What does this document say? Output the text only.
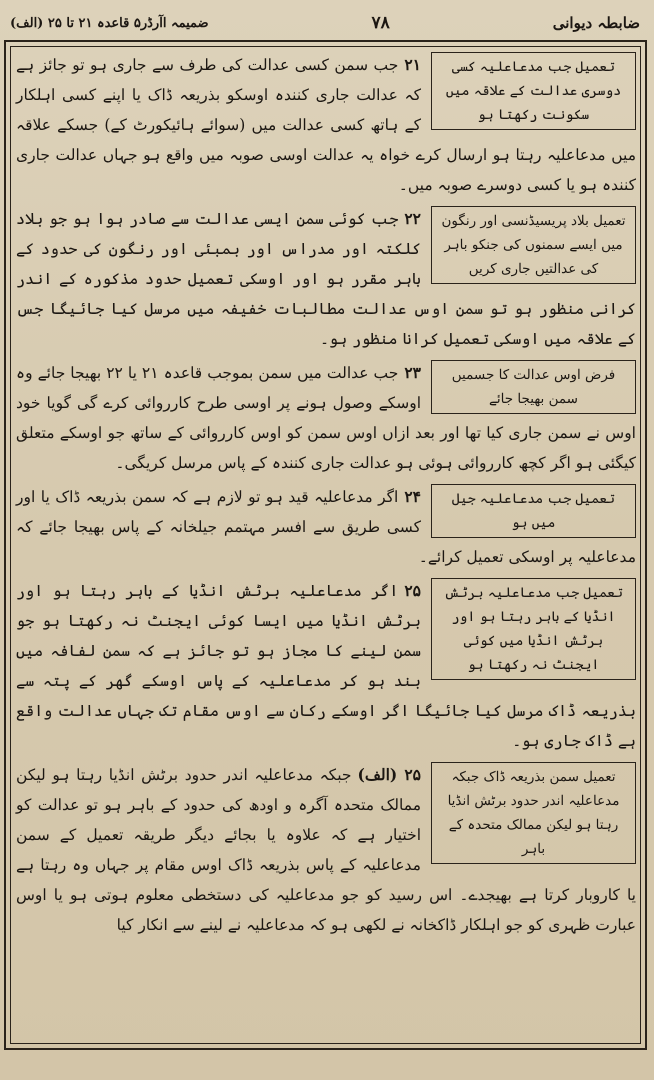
ضابطہ دیوانی
۷۸
ضمیمہ اآرڈر۵ قاعدہ ۲۱ تا ۲۵ (الف)
تعمیل جب مدعاعلیہ کسی دوسری عدالت کے علاقہ میں سکونت رکھتا ہو

۲۱جب سمن کسی عدالت کی طرف سے جاری ہو تو جائز ہے کہ عدالت جاری کنندہ اوسکو بذریعہ ڈاک یا اپنے کسی اہلکار کے ہاتھ کسی عدالت میں (سوائے ہائیکورٹ کے) جسکے علاقہ میں مدعاعلیہ رہتا ہو ارسال کرے خواہ یہ عدالت اوسی صوبہ میں واقع ہو جہاں عدالت جاری کنندہ ہو یا کسی دوسرے صوبہ میں۔

تعمیل بلاد پریسیڈنسی اور رنگون میں ایسے سمنوں کی جنکو باہر کی عدالتیں جاری کریں

۲۲جب کوئی سمن ایسی عدالت سے صادر ہوا ہو جو بلاد کلکتہ اور مدراس اور بمبئی اور رنگون کی حدود کے باہر مقرر ہو اور اوسکی تعمیل حدود مذکورہ کے اندر کرانی منظور ہو تو سمن اوس عدالت مطالبات خفیفہ میں مرسل کیا جائیگا جس کے علاقہ میں اوسکی تعمیل کرانا منظور ہو۔

فرض اوس عدالت کا جسمیں سمن بھیجا جائے

۲۳جب عدالت میں سمن بموجب قاعدہ ۲۱ یا ۲۲ بھیجا جائے وہ اوسکے وصول ہونے پر اوسی طرح کارروائی کرے گی گویا خود اوس نے سمن جاری کیا تھا اور بعد ازاں اوس سمن کو اوس کارروائی کے ساتھ جو اوسکے متعلق کیگئی ہو اگر کچھ کارروائی ہوئی ہو عدالت جاری کنندہ کے پاس مرسل کریگی۔

تعمیل جب مدعاعلیہ جیل میں ہو

۲۴اگر مدعاعلیہ قید ہو تو لازم ہے کہ سمن بذریعہ ڈاک یا اور کسی طریق سے افسر مہتمم جیلخانہ کے پاس بھیجا جائے کہ مدعاعلیہ پر اوسکی تعمیل کرائے۔

تعمیل جب مدعاعلیہ برٹش انڈیا کے باہر رہتا ہو اور برٹش انڈیا میں کوئی ایجنٹ نہ رکھتا ہو

۲۵اگر مدعاعلیہ برٹش انڈیا کے باہر رہتا ہو اور برٹش انڈیا میں ایسا کوئی ایجنٹ نہ رکھتا ہو جو سمن لینے کا مجاز ہو تو جائز ہے کہ سمن لفافہ میں بند ہو کر مدعاعلیہ کے پاس اوسکے گھر کے پتہ سے بذریعہ ڈاک مرسل کیا جائیگا اگر اوسکے رکان سے اوس مقام تک جہاں عدالت واقع ہے ڈاک جاری ہو۔

تعمیل سمن بذریعہ ڈاک جبکہ مدعاعلیہ اندر حدود برٹش انڈیا رہتا ہو لیکن ممالک متحدہ کے باہر

۲۵ (الف)جبکہ مدعاعلیہ اندر حدود برٹش انڈیا رہتا ہو لیکن ممالک متحدہ آگرہ و اودھ کی حدود کے باہر ہو تو عدالت کو اختیار ہے کہ علاوہ یا بجائے دیگر طریقہ تعمیل کے سمن مدعاعلیہ کے پاس بذریعہ ڈاک اوس مقام پر جہاں وہ رہتا ہے یا کاروبار کرتا ہے بھیجدے۔ اس رسید کو جو مدعاعلیہ کی دستخطی معلوم ہوتی ہو یا اوس عبارت ظہری کو جو اہلکار ڈاکخانہ نے لکھی ہو کہ مدعاعلیہ نے لینے سے انکار کیا
